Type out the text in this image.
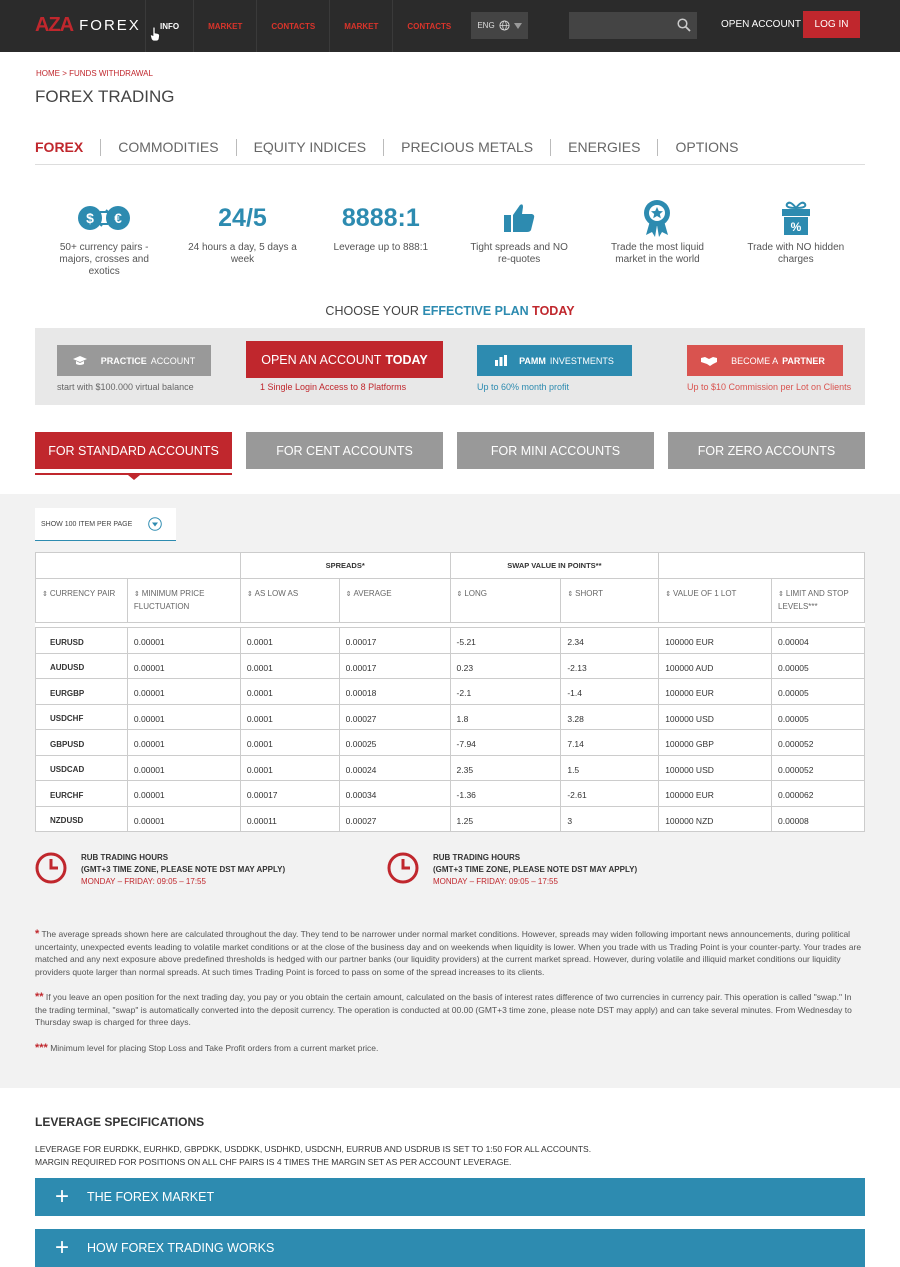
AZA FOREX	INFO	MARKET	CONTACTS	MARKET	CONTACTS	ENG	OPEN ACCOUNT	LOG IN
HOME > FUNDS WITHDRAWAL
FOREX TRADING
FOREX	COMMODITIES	EQUITY INDICES	PRECIOUS METALS	ENERGIES	OPTIONS
$ €
50+ currency pairs - majors, crosses and exotics
24/5
24 hours a day, 5 days a week
8888:1
Leverage up to 888:1	Tight spreads and NO re-quotes
Trade the most liquid market in the world
%
Trade with NO hidden charges
CHOOSE YOUR EFFECTIVE PLAN TODAY
PRACTICE ACCOUNT
start with $100.000 virtual balance
OPEN AN ACCOUNT TODAY
1 Single Login Access to 8 Platforms
PAMM INVESTMENTS
Up to 60% month profit
BECOME A PARTNER
Up to $10 Commission per Lot on Clients
FOR STANDARD ACCOUNTS	FOR CENT ACCOUNTS	FOR MINI ACCOUNTS	FOR ZERO ACCOUNTS
SHOW 100 ITEM PER PAGE
		SPREADS*		SWAP VALUE IN POINTS**			
⇕ CURRENCY PAIR	⇕ MINIMUM PRICE FLUCTUATION	⇕ AS LOW AS	⇕ AVERAGE	⇕ LONG	⇕ SHORT	⇕ VALUE OF 1 LOT	⇕ LIMIT AND STOP LEVELS***

EURUSD	0.00001	0.0001	0.00017	-5.21	2.34	100000 EUR	0.00004
AUDUSD	0.00001	0.0001	0.00017	0.23	-2.13	100000 AUD	0.00005
EURGBP	0.00001	0.0001	0.00018	-2.1	-1.4	100000 EUR	0.00005
USDCHF	0.00001	0.0001	0.00027	1.8	3.28	100000 USD	0.00005
GBPUSD	0.00001	0.0001	0.00025	-7.94	7.14	100000 GBP	0.000052
USDCAD	0.00001	0.0001	0.00024	2.35	1.5	100000 USD	0.000052
EURCHF	0.00001	0.00017	0.00034	-1.36	-2.61	100000 EUR	0.000062
NZDUSD	0.00001	0.00011	0.00027	1.25	3	100000 NZD	0.00008
RUB TRADING HOURS
(GMT+3 TIME ZONE, PLEASE NOTE DST MAY APPLY)
MONDAY – FRIDAY: 09:05 – 17:55
RUB TRADING HOURS
(GMT+3 TIME ZONE, PLEASE NOTE DST MAY APPLY)
MONDAY – FRIDAY: 09:05 – 17:55

* The average spreads shown here are calculated throughout the day. They tend to be narrower under normal market conditions. However, spreads may widen following important news announcements, during political uncertainty, unexpected events leading to volatile market conditions or at the close of the business day and on weekends when liquidity is lower. When you trade with us Trading Point is your counter-party. Your trades are matched and any next exposure above predefined thresholds is hedged with our partner banks (our liquidity providers) at the current market spread. However, during volatile and illiquid market conditions our liquidity providers quote larger than normal spreads. At such times Trading Point is forced to pass on some of the spread increases to its clients.

** If you leave an open position for the next trading day, you pay or you obtain the certain amount, calculated on the basis of interest rates difference of two currencies in currency pair. This operation is called "swap." In the trading terminal, "swap" is automatically converted into the deposit currency. The operation is conducted at 00.00 (GMT+3 time zone, please note DST may apply) and can take several minutes. From Wednesday to Thursday swap is charged for three days.

*** Minimum level for placing Stop Loss and Take Profit orders from a current market price.

LEVERAGE SPECIFICATIONS
LEVERAGE FOR EURDKK, EURHKD, GBPDKK, USDDKK, USDHKD, USDCNH, EURRUB AND USDRUB IS SET TO 1:50 FOR ALL ACCOUNTS.
MARGIN REQUIRED FOR POSITIONS ON ALL CHF PAIRS IS 4 TIMES THE MARGIN SET AS PER ACCOUNT LEVERAGE.
+ THE FOREX MARKET
+ HOW FOREX TRADING WORKS
